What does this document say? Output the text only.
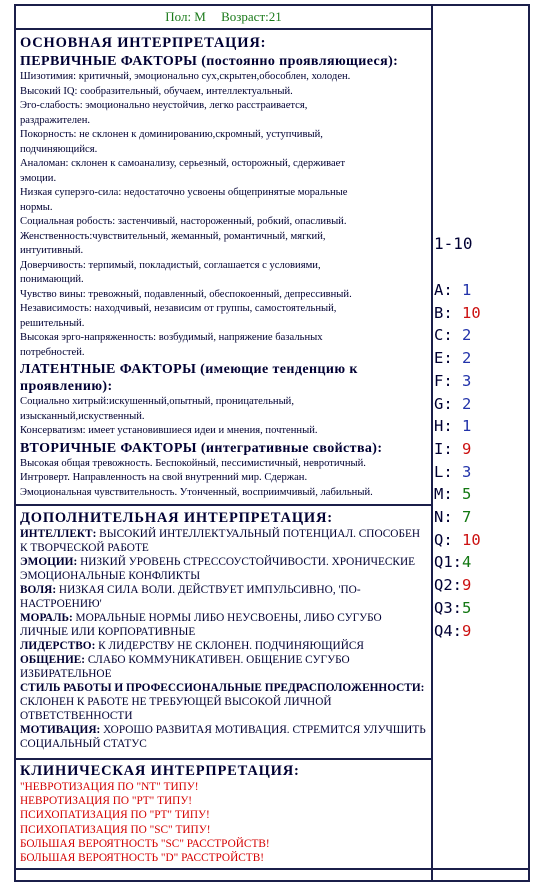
Пол: М Возраст:21
ОСНОВНАЯ ИНТЕРПРЕТАЦИЯ:
ПЕРВИЧНЫЕ ФАКТОРЫ (постоянно проявляющиеся):
Шизотимия: критичный, эмоционально сух,скрытен,обособлен, холоден.
Высокий IQ: сообразительный, обучаем, интеллектуальный.
Эго-слабость: эмоционально неустойчив, легко расстраивается,
раздражителен.
Покорность: не склонен к доминированию,скромный, уступчивый,
подчиняющийся.
Аналоман: склонен к самоанализу, серьезный, осторожный, сдерживает
эмоции.
Низкая суперэго-сила: недостаточно усвоены общепринятые моральные
нормы.
Социальная робость: застенчивый, настороженный, робкий, опасливый.
Женственность:чувствительный, жеманный, романтичный, мягкий,
интуитивный.
Доверчивость: терпимый, покладистый, соглашается с условиями,
понимающий.
Чувство вины: тревожный, подавленный, обеспокоенный, депрессивный.
Независимость: находчивый, независим от группы, самостоятельный,
решительный.
Высокая эрго-напряженность: возбудимый, напряжение базальных
потребностей.
ЛАТЕНТНЫЕ ФАКТОРЫ (имеющие тенденцию к
проявлению):
Социально хитрый:искушенный,опытный, проницательный,
изысканный,искуственный.
Консерватизм: имеет установившиеся идеи и мнения, почтенный.
ВТОРИЧНЫЕ ФАКТОРЫ (интегративные свойства):
Высокая общая тревожность. Беспокойный, пессимистичный, невротичный.
Интроверт. Направленность на свой внутренний мир. Сдержан.
Эмоциональная чувствительность. Утонченный, восприимчивый, лабильный.
ДОПОЛНИТЕЛЬНАЯ ИНТЕРПРЕТАЦИЯ:
ИНТЕЛЛЕКТ: ВЫСОКИЙ ИНТЕЛЛЕКТУАЛЬНЫЙ ПОТЕНЦИАЛ. СПОСОБЕН К ТВОРЧЕСКОЙ РАБОТЕ
ЭМОЦИИ: НИЗКИЙ УРОВЕНЬ СТРЕССОУСТОЙЧИВОСТИ. ХРОНИЧЕСКИЕ ЭМОЦИОНАЛЬНЫЕ КОНФЛИКТЫ
ВОЛЯ: НИЗКАЯ СИЛА ВОЛИ. ДЕЙСТВУЕТ ИМПУЛЬСИВНО, 'ПО-НАСТРОЕНИЮ'
МОРАЛЬ: МОРАЛЬНЫЕ НОРМЫ ЛИБО НЕУСВОЕНЫ, ЛИБО СУГУБО ЛИЧНЫЕ ИЛИ КОРПОРАТИВНЫЕ
ЛИДЕРСТВО: К ЛИДЕРСТВУ НЕ СКЛОНЕН. ПОДЧИНЯЮЩИЙСЯ
ОБЩЕНИЕ: СЛАБО КОММУНИКАТИВЕН. ОБЩЕНИЕ СУГУБО ИЗБИРАТЕЛЬНОЕ
СТИЛЬ РАБОТЫ И ПРОФЕССИОНАЛЬНЫЕ ПРЕДРАСПОЛОЖЕННОСТИ: СКЛОНЕН К РАБОТЕ НЕ ТРЕБУЮЩЕЙ ВЫСОКОЙ ЛИЧНОЙ ОТВЕТСТВЕННОСТИ
МОТИВАЦИЯ: ХОРОШО РАЗВИТАЯ МОТИВАЦИЯ. СТРЕМИТСЯ УЛУЧШИТЬ СОЦИАЛЬНЫЙ СТАТУС
КЛИНИЧЕСКАЯ ИНТЕРПРЕТАЦИЯ:
"НЕВРОТИЗАЦИЯ ПО "NT" ТИПУ!
НЕВРОТИЗАЦИЯ ПО "PT" ТИПУ!
ПСИХОПАТИЗАЦИЯ ПО "PT" ТИПУ!
ПСИХОПАТИЗАЦИЯ ПО "SC" ТИПУ!
БОЛЬШАЯ ВЕРОЯТНОСТЬ "SC" РАССТРОЙСТВ!
БОЛЬШАЯ ВЕРОЯТНОСТЬ "D" РАССТРОЙСТВ!
1-10
A: 1
B: 10
C: 2
E: 2
F: 3
G: 2
H: 1
I: 9
L: 3
M: 5
N: 7
Q: 10
Q1:4
Q2:9
Q3:5
Q4:9
